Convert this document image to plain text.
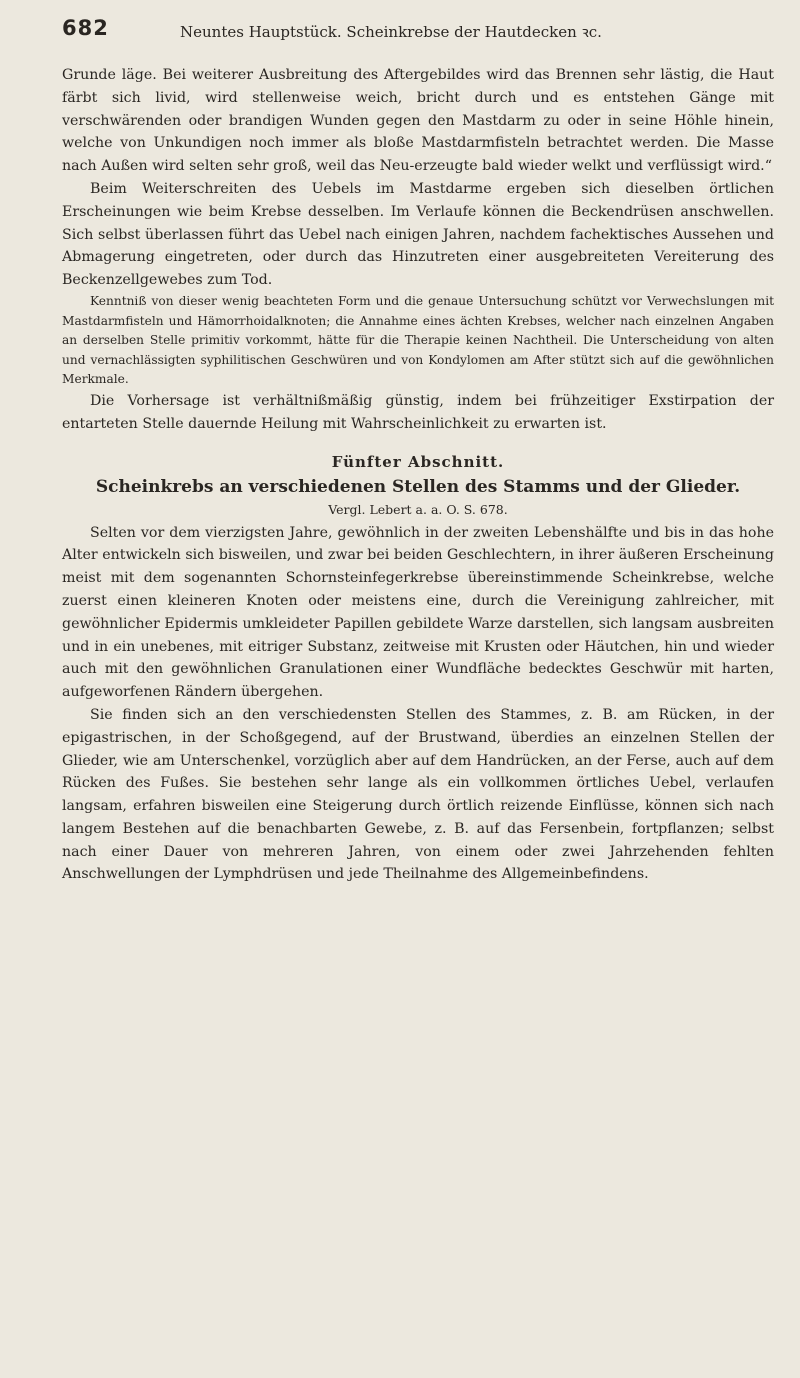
682	Neuntes Hauptstück. Scheinkrebse der Hautdecken ꝛc.

Grunde läge. Bei weiterer Ausbreitung des Aftergebildes wird das Brennen sehr lästig, die Haut färbt sich livid, wird stellenweise weich, bricht durch und es entstehen Gänge mit verschwärenden oder brandigen Wunden gegen den Mastdarm zu oder in seine Höhle hinein, welche von Unkundigen noch immer als bloße Mastdarmfisteln betrachtet werden. Die Masse nach Außen wird selten sehr groß, weil das Neu-erzeugte bald wieder welkt und verflüssigt wird.“

Beim Weiterschreiten des Uebels im Mastdarme ergeben sich dieselben örtlichen Erscheinungen wie beim Krebse desselben. Im Verlaufe können die Beckendrüsen anschwellen. Sich selbst überlassen führt das Uebel nach einigen Jahren, nachdem fachektisches Aussehen und Abmagerung eingetreten, oder durch das Hinzutreten einer ausgebreiteten Vereiterung des Beckenzellgewebes zum Tod.

Kenntniß von dieser wenig beachteten Form und die genaue Untersuchung schützt vor Verwechslungen mit Mastdarmfisteln und Hämorrhoidalknoten; die Annahme eines ächten Krebses, welcher nach einzelnen Angaben an derselben Stelle primitiv vorkommt, hätte für die Therapie keinen Nachtheil. Die Unterscheidung von alten und vernachlässigten syphilitischen Geschwüren und von Kondylomen am After stützt sich auf die gewöhnlichen Merkmale.

Die Vorhersage ist verhältnißmäßig günstig, indem bei frühzeitiger Exstirpation der entarteten Stelle dauernde Heilung mit Wahrscheinlichkeit zu erwarten ist.

Fünfter Abschnitt.
Scheinkrebs an verschiedenen Stellen des Stamms und der Glieder.
Vergl. Lebert a. a. O. S. 678.

Selten vor dem vierzigsten Jahre, gewöhnlich in der zweiten Lebenshälfte und bis in das hohe Alter entwickeln sich bisweilen, und zwar bei beiden Geschlechtern, in ihrer äußeren Erscheinung meist mit dem sogenannten Schornsteinfegerkrebse übereinstimmende Scheinkrebse, welche zuerst einen kleineren Knoten oder meistens eine, durch die Vereinigung zahlreicher, mit gewöhnlicher Epidermis umkleideter Papillen gebildete Warze darstellen, sich langsam ausbreiten und in ein unebenes, mit eitriger Substanz, zeitweise mit Krusten oder Häutchen, hin und wieder auch mit den gewöhnlichen Granulationen einer Wundfläche bedecktes Geschwür mit harten, aufgeworfenen Rändern übergehen.

Sie finden sich an den verschiedensten Stellen des Stammes, z. B. am Rücken, in der epigastrischen, in der Schoßgegend, auf der Brustwand, überdies an einzelnen Stellen der Glieder, wie am Unterschenkel, vorzüglich aber auf dem Handrücken, an der Ferse, auch auf dem Rücken des Fußes. Sie bestehen sehr lange als ein vollkommen örtliches Uebel, verlaufen langsam, erfahren bisweilen eine Steigerung durch örtlich reizende Einflüsse, können sich nach langem Bestehen auf die benachbarten Gewebe, z. B. auf das Fersenbein, fortpflanzen; selbst nach einer Dauer von mehreren Jahren, von einem oder zwei Jahrzehenden fehlten Anschwellungen der Lymphdrüsen und jede Theilnahme des Allgemeinbefindens.
